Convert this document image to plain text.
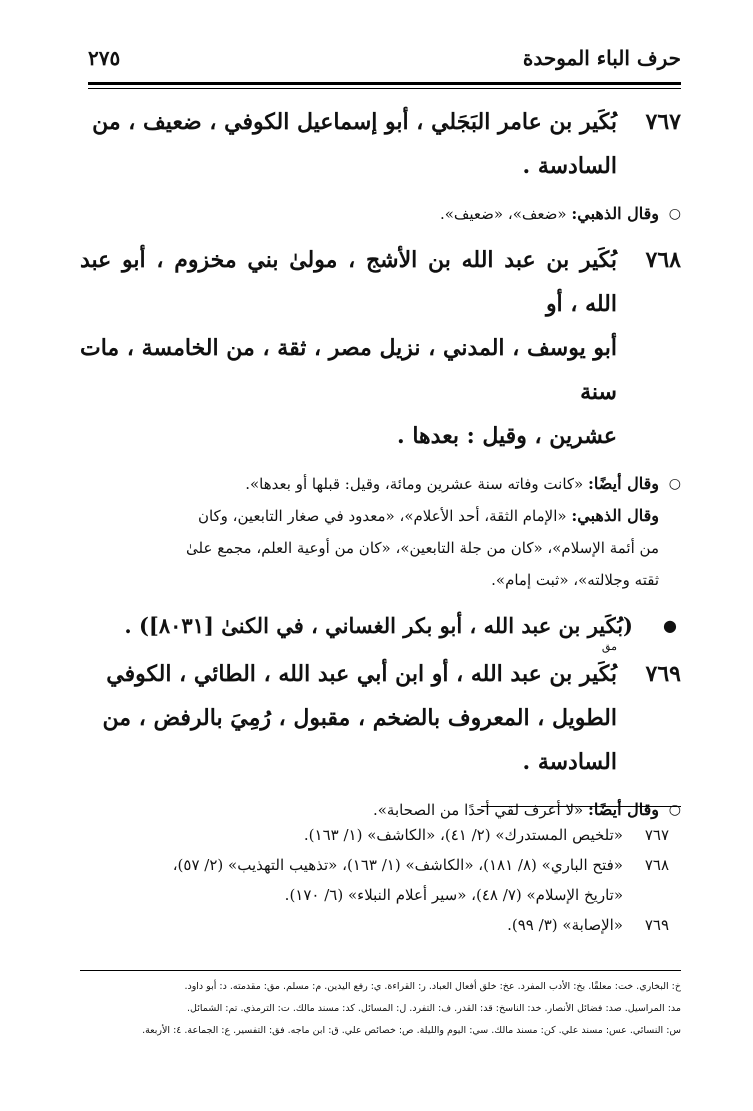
حرف الباء الموحدة
٢٧٥
٧٦٧
بُكَير بن عامر البَجَلي ، أبو إسماعيل الكوفي ، ضعيف ، من
السادسة .
○
وقال الذهبي: «ضعف»، «ضعيف».
٧٦٨
بُكَير بن عبد الله بن الأشج ، مولىٰ بني مخزوم ، أبو عبد الله ، أو
أبو يوسف ، المدني ، نزيل مصر ، ثقة ، من الخامسة ، مات سنة
عشرين ، وقيل : بعدها .
○
وقال أيضًا: «كانت وفاته سنة عشرين ومائة، وقيل: قبلها أو بعدها».
وقال الذهبي: «الإمام الثقة، أحد الأعلام»، «معدود في صغار التابعين، وكان
من أئمة الإسلام»، «كان من جلة التابعين»، «كان من أوعية العلم، مجمع علىٰ
ثقته وجلالته»، «ثبت إمام».
●
(بُكَير بن عبد الله ، أبو بكر الغساني ، في الكنىٰ [٨٠٣١]) .
٧٦٩
مق
بُكَير بن عبد الله ، أو ابن أبي عبد الله ، الطائي ، الكوفي
الطويل ، المعروف بالضخم ، مقبول ، رُمِيَ بالرفض ، من
السادسة .
○
وقال أيضًا: «لا أعرف لقي أحدًا من الصحابة».
٧٦٧
«تلخيص المستدرك» (٢/ ٤١)، «الكاشف» (١/ ١٦٣).
٧٦٨
«فتح الباري» (٨/ ١٨١)، «الكاشف» (١/ ١٦٣)، «تذهيب التهذيب» (٢/ ٥٧)،
«تاريخ الإسلام» (٧/ ٤٨)، «سير أعلام النبلاء» (٦/ ١٧٠).
٧٦٩
«الإصابة» (٣/ ٩٩).
خ: البخاري. خت: معلقًا. بخ: الأدب المفرد. عخ: خلق أفعال العباد. ر: القراءة. ي: رفع اليدين. م: مسلم. مق: مقدمته. د: أبو داود.
مد: المراسيل. صد: فضائل الأنصار. خد: الناسخ: قد: القدر. ف: التفرد. ل: المسائل. كد: مسند مالك. ت: الترمذي. تم: الشمائل.
س: النسائي. عس: مسند علي. كن: مسند مالك. سي: اليوم والليلة. ص: خصائص علي. ق: ابن ماجه. فق: التفسير. ع: الجماعة. ٤: الأربعة.
